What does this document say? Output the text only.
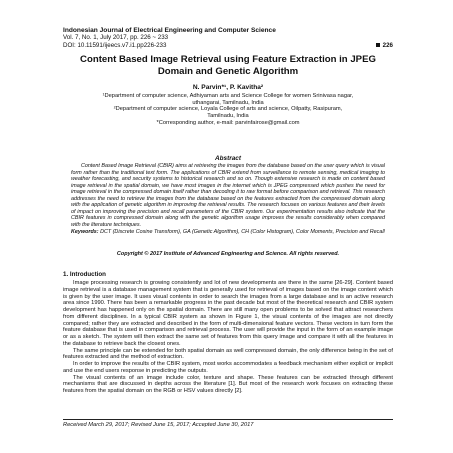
Indonesian Journal of Electrical Engineering and Computer Science
Vol. 7, No. 1, July 2017, pp. 226 ~ 233
DOI: 10.11591/ijeecs.v7.i1.pp226-233	226
Content Based Image Retrieval using Feature Extraction in JPEG Domain and Genetic Algorithm
N. Parvin*¹, P. Kavitha²
¹Department of computer science, Adhiyaman arts and Science College for women Srinivasa nagar,
uthangarai, Tamilnadu, India
²Department of computer science, Loyala College of arts and science, Oilpatty, Rasipuram,
Tamilnadu, India
*Corresponding author, e-mail: parvinfairose@gmail.com
Abstract
Content Based Image Retrieval (CBIR) aims at retrieving the images from the database based on the user query which is visual form rather than the traditional text form. The applications of CBIR extend from surveillance to remote sensing, medical imaging to weather forecasting, and security systems to historical research and so on. Though extensive research is made on content based image retrieval in the spatial domain, we have most images in the internet which is JPEG compressed which pushes the need for image retrieval in the compressed domain itself rather than decoding it to raw format before comparison and retrieval. This research addresses the need to retrieve the images from the database based on the features extracted from the compressed domain along with the application of genetic algorithm in improving the retrieval results. The research focuses on various features and their levels of impact on improving the precision and recall parameters of the CBIR system. Our experimentation results also indicate that the CBIR features in compressed domain along with the genetic algorithm usage improves the results considerably when compared with the literature techniques.
Keywords: DCT (Discrete Cosine Transform), GA (Genetic Algorithm), CH (Color Histogram), Color Moments, Precision and Recall
Copyright © 2017 Institute of Advanced Engineering and Science. All rights reserved.
1. Introduction

Image processing research is growing consistently and lot of new developments are there in the same [26-29]. Content based image retrieval is a database management system that is generally used for retrieval of images based on the image content which is given by the user image. It uses visual contents in order to search the images from a large database and is an active research area since 1990. There has been a remarkable progress in the past decade but most of the theoretical research and CBIR system development has happened only on the spatial domain. There are still many open problems to be solved that attract researchers from different disciplines. In a typical CBIR system as shown in Figure 1, the visual contents of the images are not directly compared; rather they are extracted and described in the form of multi-dimensional feature vectors. These vectors in turn form the feature database that is used in comparison and retrieval process. The user will provide the input in the form of an example image or as a sketch. The system will then extract the same set of features from this query image and compare it with all the features in the database to retrieve back the closest ones.

The same principle can be extended for both spatial domain as well compressed domain, the only difference being in the set of features extracted and the method of extraction.

In order to improve the results of the CBIR system, most works accommodates a feedback mechanism either explicit or implicit and use the end users response in predicting the outputs.

The visual contents of an image include color, texture and shape. These features can be extracted through different mechanisms that are discussed in depths across the literature [1]. But most of the research work focuses on extracting these features from the spatial domain on the RGB or HSV values directly [2].

Received March 29, 2017; Revised June 15, 2017; Accepted June 30, 2017
